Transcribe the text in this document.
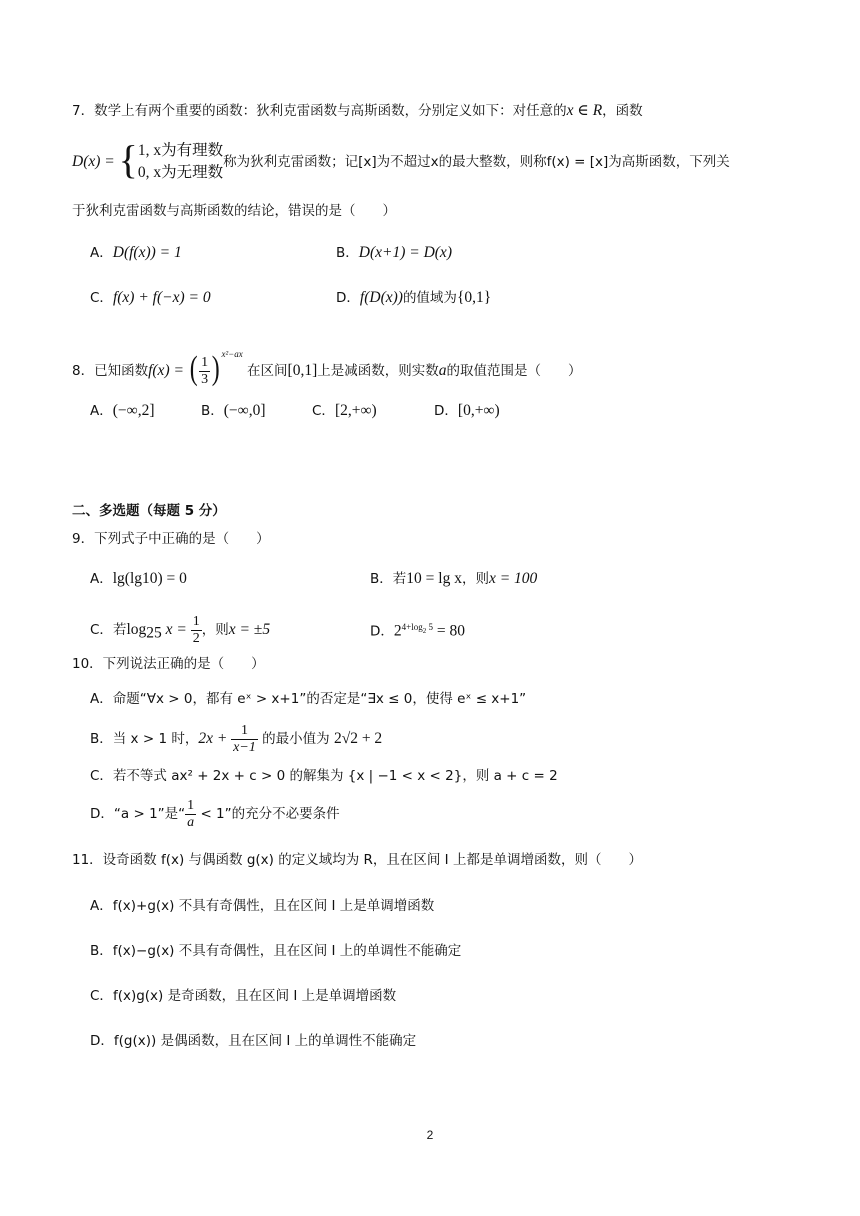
7．数学上有两个重要的函数：狄利克雷函数与高斯函数，分别定义如下：对任意的x ∈ R，函数
D(x) = { 1, x为有理数
0, x为无理数
称为狄利克雷函数；记[x]为不超过x的最大整数，则称f(x) = [x]为高斯函数，下列关
于狄利克雷函数与高斯函数的结论，错误的是（　　）
A．D(f(x)) = 1	B．D(x+1) = D(x)
C．f(x) + f(−x) = 0	D．f(D(x))的值域为{0,1}
8．已知函数f(x) = ( $\frac{1}{3}$ ) $^{x^2-ax}$ 在区间[0,1]上是减函数，则实数a的取值范围是（　　）
A．(−∞,2]	B．(−∞,0]	C．[2,+∞)	D．[0,+∞)
二、多选题（每题 5 分）
9．下列式子中正确的是（　　）
A．lg(lg10) = 0	B．若10 = lg x，则x = 100
C．若$\log_{25} x = \frac{1}{2}$ ，则x = ±5	D．$2^{4+log_2 5} = 80$
10．下列说法正确的是（　　）
A．命题“∀x > 0，都有 eˣ > x+1”的否定是“∃x ≤ 0，使得 eˣ ≤ x+1”
B．当 x > 1 时，$2x + \frac{1}{x-1}$ 的最小值为 2√2 + 2
C．若不等式 ax² + 2x + c > 0 的解集为 {x | −1 < x < 2}，则 a + c = 2
D．“a > 1”是“ $\frac{1}{a} < 1$”的充分不必要条件
11．设奇函数 f(x) 与偶函数 g(x) 的定义域均为 R，且在区间 I 上都是单调增函数，则（　　）
A．f(x)+g(x) 不具有奇偶性，且在区间 I 上是单调增函数
B．f(x)−g(x) 不具有奇偶性，且在区间 I 上的单调性不能确定
C．f(x)g(x) 是奇函数，且在区间 I 上是单调增函数
D．f(g(x)) 是偶函数，且在区间 I 上的单调性不能确定
2
